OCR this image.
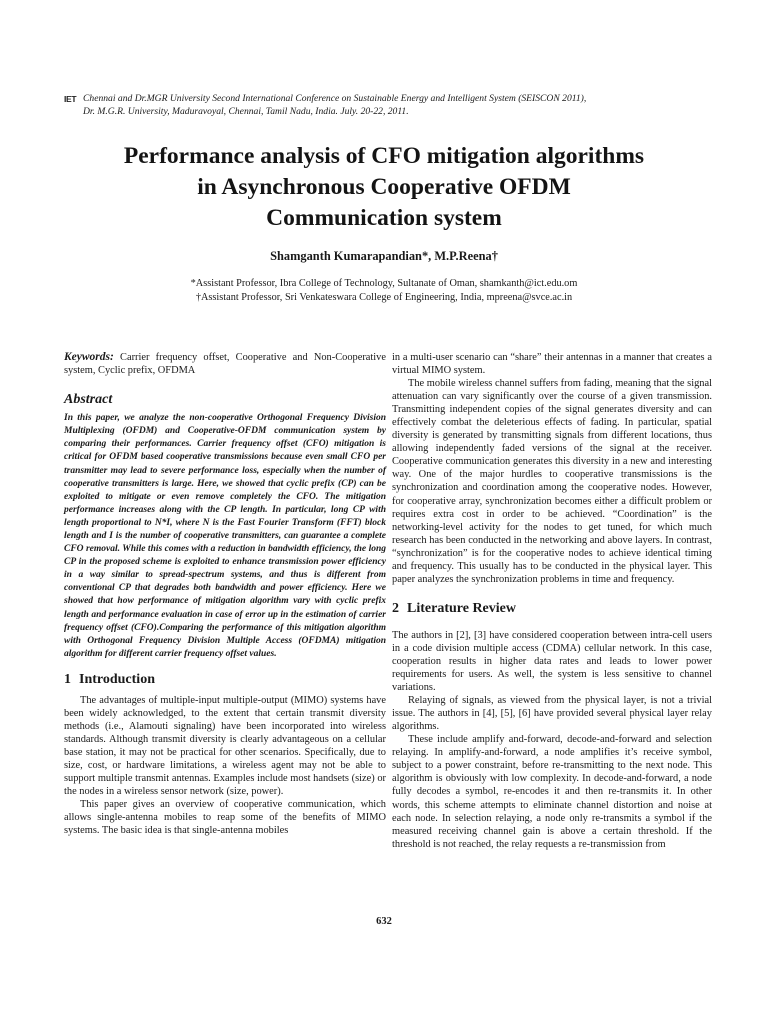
IET Chennai and Dr.MGR University Second International Conference on Sustainable Energy and Intelligent System (SEISCON 2011),
Dr. M.G.R. University, Maduravoyal, Chennai, Tamil Nadu, India. July. 20-22, 2011.
Performance analysis of CFO mitigation algorithms
in Asynchronous Cooperative OFDM
Communication system
Shamganth Kumarapandian*, M.P.Reena†
*Assistant Professor, Ibra College of Technology, Sultanate of Oman, shamkanth@ict.edu.om
†Assistant Professor, Sri Venkateswara College of Engineering, India, mpreena@svce.ac.in

Keywords: Carrier frequency offset, Cooperative and Non-Cooperative system, Cyclic prefix, OFDMA

Abstract

In this paper, we analyze the non-cooperative Orthogonal Frequency Division Multiplexing (OFDM) and Cooperative-OFDM communication system by comparing their performances. Carrier frequency offset (CFO) mitigation is critical for OFDM based cooperative transmissions because even small CFO per transmitter may lead to severe performance loss, especially when the number of cooperative transmitters is large. Here, we showed that cyclic prefix (CP) can be exploited to mitigate or even remove completely the CFO. The mitigation performance increases along with the CP length. In particular, long CP with length proportional to N*I, where N is the Fast Fourier Transform (FFT) block length and I is the number of cooperative transmitters, can guarantee a complete CFO removal. While this comes with a reduction in bandwidth efficiency, the long CP in the proposed scheme is exploited to enhance transmission power efficiency in a way similar to spread-spectrum systems, and thus is different from conventional CP that degrades both bandwidth and power efficiency. Here we showed that how performance of mitigation algorithm vary with cyclic prefix length and performance evaluation in case of error up in the estimation of carrier frequency offset (CFO).Comparing the performance of this mitigation algorithm with Orthogonal Frequency Division Multiple Access (OFDMA) mitigation algorithm for different carrier frequency offset values.

1 Introduction

The advantages of multiple-input multiple-output (MIMO) systems have been widely acknowledged, to the extent that certain transmit diversity methods (i.e., Alamouti signaling) have been incorporated into wireless standards. Although transmit diversity is clearly advantageous on a cellular base station, it may not be practical for other scenarios. Specifically, due to size, cost, or hardware limitations, a wireless agent may not be able to support multiple transmit antennas. Examples include most handsets (size) or the nodes in a wireless sensor network (size, power).

This paper gives an overview of cooperative communication, which allows single-antenna mobiles to reap some of the benefits of MIMO systems. The basic idea is that single-antenna mobiles

in a multi-user scenario can “share” their antennas in a manner that creates a virtual MIMO system.

The mobile wireless channel suffers from fading, meaning that the signal attenuation can vary significantly over the course of a given transmission. Transmitting independent copies of the signal generates diversity and can effectively combat the deleterious effects of fading. In particular, spatial diversity is generated by transmitting signals from different locations, thus allowing independently faded versions of the signal at the receiver. Cooperative communication generates this diversity in a new and interesting way. One of the major hurdles to cooperative transmissions is the synchronization and coordination among the cooperative nodes. However, for cooperative array, synchronization becomes either a difficult problem or requires extra cost in order to be achieved. “Coordination” is the networking-level activity for the nodes to get tuned, for which much research has been conducted in the networking and above layers. In contrast, “synchronization” is for the cooperative nodes to achieve identical timing and frequency. This usually has to be conducted in the physical layer. This paper analyzes the synchronization problems in time and frequency.

2 Literature Review

The authors in [2], [3] have considered cooperation between intra-cell users in a code division multiple access (CDMA) cellular network. In this case, cooperation results in higher data rates and leads to lower power requirements for users. As well, the system is less sensitive to channel variations.

Relaying of signals, as viewed from the physical layer, is not a trivial issue. The authors in [4], [5], [6] have provided several physical layer relay algorithms.

These include amplify and-forward, decode-and-forward and selection relaying. In amplify-and-forward, a node amplifies it’s receive symbol, subject to a power constraint, before re-transmitting to the next node. This algorithm is obviously with low complexity. In decode-and-forward, a node fully decodes a symbol, re-encodes it and then re-transmits it. In other words, this scheme attempts to eliminate channel distortion and noise at each node. In selection relaying, a node only re-transmits a symbol if the measured receiving channel gain is above a certain threshold. If the threshold is not reached, the relay requests a re-transmission from

632
